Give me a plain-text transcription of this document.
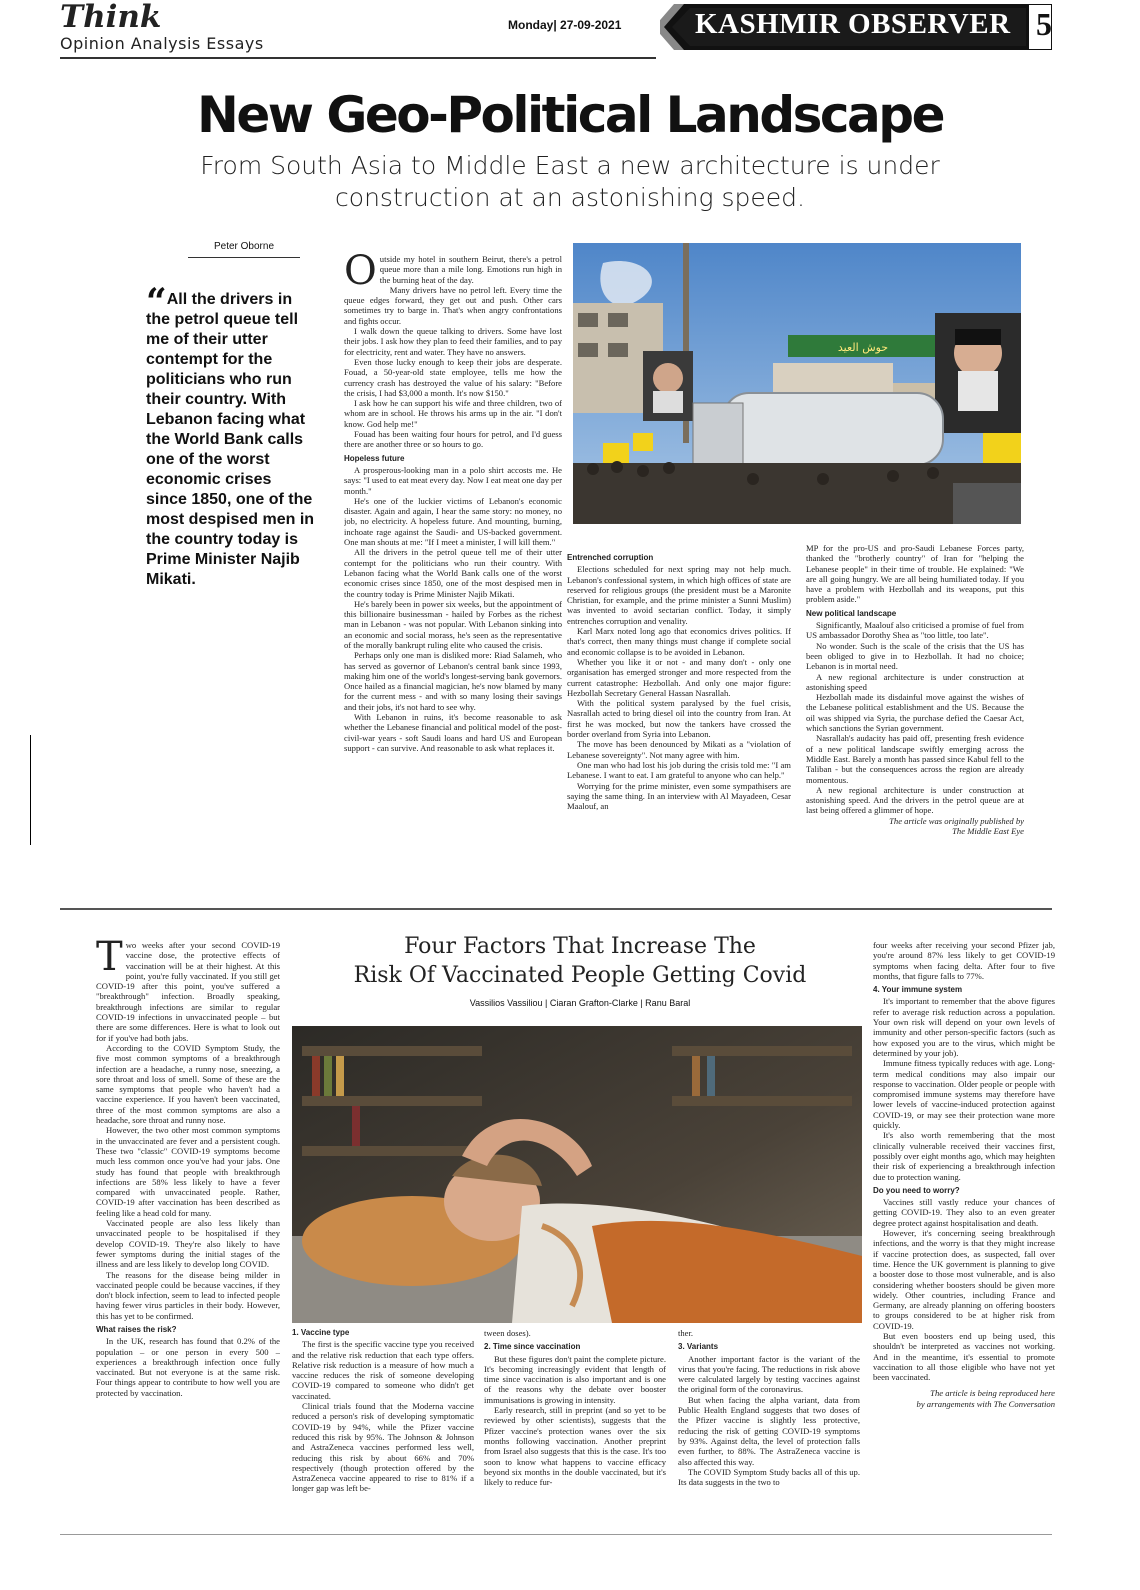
Think
Opinion Analysis Essays
Monday| 27-09-2021	KASHMIR OBSERVER 5
New Geo-Political Landscape
From South Asia to Middle East a new architecture is under construction at an astonishing speed.
Peter Oborne
“All the drivers in the petrol queue tell me of their utter contempt for the politicians who run their country. With Lebanon facing what the World Bank calls one of the worst economic crises since 1850, one of the most despised men in the country today is Prime Minister Najib Mikati.
O utside my hotel in southern Beirut, there's a petrol queue more than a mile long. Emotions run high in the burning heat of the day.

Many drivers have no petrol left. Every time the queue edges forward, they get out and push. Other cars sometimes try to barge in. That's when angry confrontations and fights occur.

I walk down the queue talking to drivers. Some have lost their jobs. I ask how they plan to feed their families, and to pay for electricity, rent and water. They have no answers.

Even those lucky enough to keep their jobs are desperate. Fouad, a 50-year-old state employee, tells me how the currency crash has destroyed the value of his salary: "Before the crisis, I had $3,000 a month. It's now $150."

I ask how he can support his wife and three children, two of whom are in school. He throws his arms up in the air. "I don't know. God help me!"

Fouad has been waiting four hours for petrol, and I'd guess there are another three or so hours to go.

Hopeless future

A prosperous-looking man in a polo shirt accosts me. He says: "I used to eat meat every day. Now I eat meat one day per month."

He's one of the luckier victims of Lebanon's economic disaster. Again and again, I hear the same story: no money, no job, no electricity. A hopeless future. And mounting, burning, inchoate rage against the Saudi- and US-backed government. One man shouts at me: "If I meet a minister, I will kill them."

All the drivers in the petrol queue tell me of their utter contempt for the politicians who run their country. With Lebanon facing what the World Bank calls one of the worst economic crises since 1850, one of the most despised men in the country today is Prime Minister Najib Mikati.

He's barely been in power six weeks, but the appointment of this billionaire businessman - hailed by Forbes as the richest man in Lebanon - was not popular. With Lebanon sinking into an economic and social morass, he's seen as the representative of the morally bankrupt ruling elite who caused the crisis.

Perhaps only one man is disliked more: Riad Salameh, who has served as governor of Lebanon's central bank since 1993, making him one of the world's longest-serving bank governors. Once hailed as a financial magician, he's now blamed by many for the current mess - and with so many losing their savings and their jobs, it's not hard to see why.

With Lebanon in ruins, it's become reasonable to ask whether the Lebanese financial and political model of the post-civil-war years - soft Saudi loans and hard US and European support - can survive. And reasonable to ask what replaces it.

حوش العيد
Entrenched corruption

Elections scheduled for next spring may not help much. Lebanon's confessional system, in which high offices of state are reserved for religious groups (the president must be a Maronite Christian, for example, and the prime minister a Sunni Muslim) was invented to avoid sectarian conflict. Today, it simply entrenches corruption and venality.

Karl Marx noted long ago that economics drives politics. If that's correct, then many things must change if complete social and economic collapse is to be avoided in Lebanon.

Whether you like it or not - and many don't - only one organisation has emerged stronger and more respected from the current catastrophe: Hezbollah. And only one major figure: Hezbollah Secretary General Hassan Nasrallah.

With the political system paralysed by the fuel crisis, Nasrallah acted to bring diesel oil into the country from Iran. At first he was mocked, but now the tankers have crossed the border overland from Syria into Lebanon.

The move has been denounced by Mikati as a "violation of Lebanese sovereignty". Not many agree with him.

One man who had lost his job during the crisis told me: "I am Lebanese. I want to eat. I am grateful to anyone who can help."

Worrying for the prime minister, even some sympathisers are saying the same thing. In an interview with Al Mayadeen, Cesar Maalouf, an

MP for the pro-US and pro-Saudi Lebanese Forces party, thanked the "brotherly country" of Iran for "helping the Lebanese people" in their time of trouble. He explained: "We are all going hungry. We are all being humiliated today. If you have a problem with Hezbollah and its weapons, put this problem aside."

New political landscape

Significantly, Maalouf also criticised a promise of fuel from US ambassador Dorothy Shea as "too little, too late".

No wonder. Such is the scale of the crisis that the US has been obliged to give in to Hezbollah. It had no choice; Lebanon is in mortal need.

A new regional architecture is under construction at astonishing speed

Hezbollah made its disdainful move against the wishes of the Lebanese political establishment and the US. Because the oil was shipped via Syria, the purchase defied the Caesar Act, which sanctions the Syrian government.

Nasrallah's audacity has paid off, presenting fresh evidence of a new political landscape swiftly emerging across the Middle East. Barely a month has passed since Kabul fell to the Taliban - but the consequences across the region are already momentous.

A new regional architecture is under construction at astonishing speed. And the drivers in the petrol queue are at last being offered a glimmer of hope.

The article was originally published by
The Middle East Eye
Four Factors That Increase The
Risk Of Vaccinated People Getting Covid
Vassilios Vassiliou | Ciaran Grafton-Clarke | Ranu Baral
T wo weeks after your second COVID-19 vaccine dose, the protective effects of vaccination will be at their highest. At this point, you're fully vaccinated. If you still get COVID-19 after this point, you've suffered a "breakthrough" infection. Broadly speaking, breakthrough infections are similar to regular COVID-19 infections in unvaccinated people – but there are some differences. Here is what to look out for if you've had both jabs.

According to the COVID Symptom Study, the five most common symptoms of a breakthrough infection are a headache, a runny nose, sneezing, a sore throat and loss of smell. Some of these are the same symptoms that people who haven't had a vaccine experience. If you haven't been vaccinated, three of the most common symptoms are also a headache, sore throat and runny nose.

However, the two other most common symptoms in the unvaccinated are fever and a persistent cough. These two "classic" COVID-19 symptoms become much less common once you've had your jabs. One study has found that people with breakthrough infections are 58% less likely to have a fever compared with unvaccinated people. Rather, COVID-19 after vaccination has been described as feeling like a head cold for many.

Vaccinated people are also less likely than unvaccinated people to be hospitalised if they develop COVID-19. They're also likely to have fewer symptoms during the initial stages of the illness and are less likely to develop long COVID.

The reasons for the disease being milder in vaccinated people could be because vaccines, if they don't block infection, seem to lead to infected people having fewer virus particles in their body. However, this has yet to be confirmed.

What raises the risk?

In the UK, research has found that 0.2% of the population – or one person in every 500 – experiences a breakthrough infection once fully vaccinated. But not everyone is at the same risk. Four things appear to contribute to how well you are protected by vaccination.

1. Vaccine type

The first is the specific vaccine type you received and the relative risk reduction that each type offers. Relative risk reduction is a measure of how much a vaccine reduces the risk of someone developing COVID-19 compared to someone who didn't get vaccinated.

Clinical trials found that the Moderna vaccine reduced a person's risk of developing symptomatic COVID-19 by 94%, while the Pfizer vaccine reduced this risk by 95%. The Johnson & Johnson and AstraZeneca vaccines performed less well, reducing this risk by about 66% and 70% respectively (though protection offered by the AstraZeneca vaccine appeared to rise to 81% if a longer gap was left be-

tween doses).

2. Time since vaccination

But these figures don't paint the complete picture. It's becoming increasingly evident that length of time since vaccination is also important and is one of the reasons why the debate over booster immunisations is growing in intensity.

Early research, still in preprint (and so yet to be reviewed by other scientists), suggests that the Pfizer vaccine's protection wanes over the six months following vaccination. Another preprint from Israel also suggests that this is the case. It's too soon to know what happens to vaccine efficacy beyond six months in the double vaccinated, but it's likely to reduce fur-

ther.

3. Variants

Another important factor is the variant of the virus that you're facing. The reductions in risk above were calculated largely by testing vaccines against the original form of the coronavirus.

But when facing the alpha variant, data from Public Health England suggests that two doses of the Pfizer vaccine is slightly less protective, reducing the risk of getting COVID-19 symptoms by 93%. Against delta, the level of protection falls even further, to 88%. The AstraZeneca vaccine is also affected this way.

The COVID Symptom Study backs all of this up. Its data suggests in the two to

four weeks after receiving your second Pfizer jab, you're around 87% less likely to get COVID-19 symptoms when facing delta. After four to five months, that figure falls to 77%.

4. Your immune system

It's important to remember that the above figures refer to average risk reduction across a population. Your own risk will depend on your own levels of immunity and other person-specific factors (such as how exposed you are to the virus, which might be determined by your job).

Immune fitness typically reduces with age. Long-term medical conditions may also impair our response to vaccination. Older people or people with compromised immune systems may therefore have lower levels of vaccine-induced protection against COVID-19, or may see their protection wane more quickly.

It's also worth remembering that the most clinically vulnerable received their vaccines first, possibly over eight months ago, which may heighten their risk of experiencing a breakthrough infection due to protection waning.

Do you need to worry?

Vaccines still vastly reduce your chances of getting COVID-19. They also to an even greater degree protect against hospitalisation and death.

However, it's concerning seeing breakthrough infections, and the worry is that they might increase if vaccine protection does, as suspected, fall over time. Hence the UK government is planning to give a booster dose to those most vulnerable, and is also considering whether boosters should be given more widely. Other countries, including France and Germany, are already planning on offering boosters to groups considered to be at higher risk from COVID-19.

But even boosters end up being used, this shouldn't be interpreted as vaccines not working. And in the meantime, it's essential to promote vaccination to all those eligible who have not yet been vaccinated.

The article is being reproduced here
by arrangements with The Conversation
